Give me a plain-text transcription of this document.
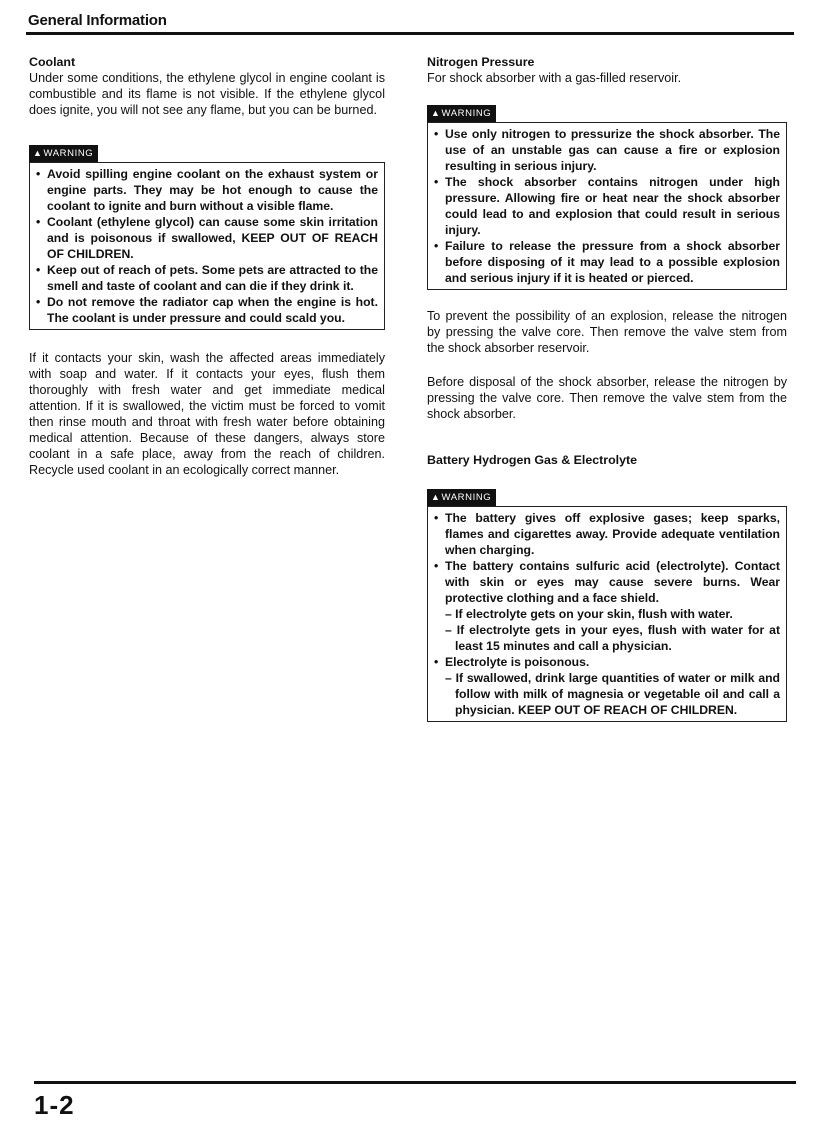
General Information
Coolant

Under some conditions, the ethylene glycol in engine coolant is combustible and its flame is not visible. If the ethylene glycol does ignite, you will not see any flame, but you can be burned.

▲WARNING
• Avoid spilling engine coolant on the exhaust system or engine parts. They may be hot enough to cause the coolant to ignite and burn without a visible flame.
• Coolant (ethylene glycol) can cause some skin irritation and is poisonous if swallowed, KEEP OUT OF REACH OF CHILDREN.
• Keep out of reach of pets. Some pets are attracted to the smell and taste of coolant and can die if they drink it.
• Do not remove the radiator cap when the engine is hot. The coolant is under pressure and could scald you.

If it contacts your skin, wash the affected areas immediately with soap and water. If it contacts your eyes, flush them thoroughly with fresh water and get immediate medical attention. If it is swallowed, the victim must be forced to vomit then rinse mouth and throat with fresh water before obtaining medical attention. Because of these dangers, always store coolant in a safe place, away from the reach of children. Recycle used coolant in an ecologically correct manner.

Nitrogen Pressure

For shock absorber with a gas-filled reservoir.

▲WARNING
• Use only nitrogen to pressurize the shock absorber. The use of an unstable gas can cause a fire or explosion resulting in serious injury.
• The shock absorber contains nitrogen under high pressure. Allowing fire or heat near the shock absorber could lead to and explosion that could result in serious injury.
• Failure to release the pressure from a shock absorber before disposing of it may lead to a possible explosion and serious injury if it is heated or pierced.

To prevent the possibility of an explosion, release the nitrogen by pressing the valve core. Then remove the valve stem from the shock absorber reservoir.

Before disposal of the shock absorber, release the nitrogen by pressing the valve core. Then remove the valve stem from the shock absorber.

Battery Hydrogen Gas & Electrolyte
▲WARNING
• The battery gives off explosive gases; keep sparks, flames and cigarettes away. Provide adequate ventilation when charging.
• The battery contains sulfuric acid (electrolyte). Contact with skin or eyes may cause severe burns. Wear protective clothing and a face shield.
– If electrolyte gets on your skin, flush with water.
– If electrolyte gets in your eyes, flush with water for at least 15 minutes and call a physician.
• Electrolyte is poisonous.
– If swallowed, drink large quantities of water or milk and follow with milk of magnesia or vegetable oil and call a physician. KEEP OUT OF REACH OF CHILDREN.
1-2
